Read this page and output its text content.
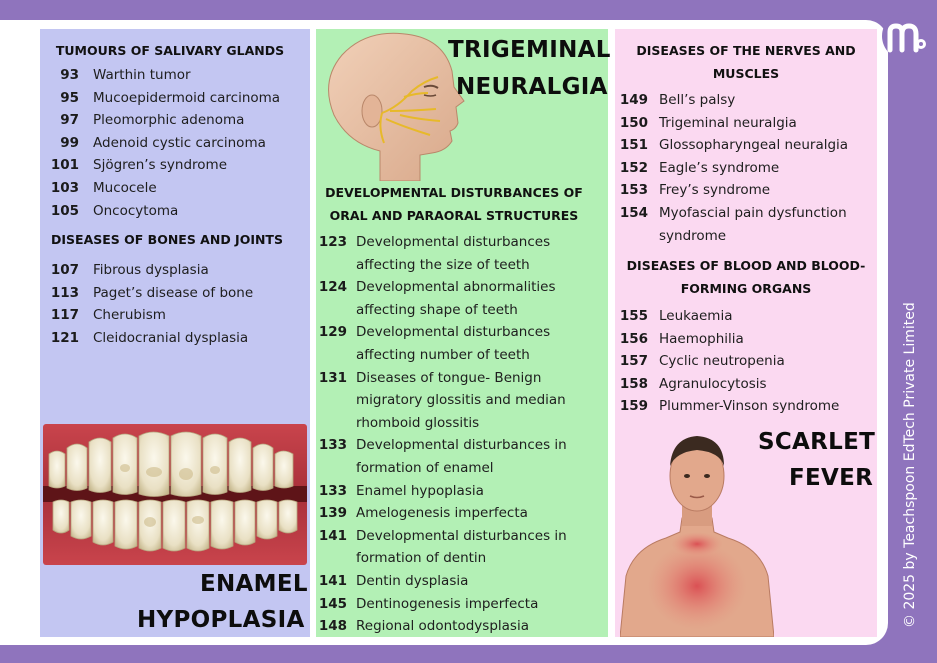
TUMOURS OF SALIVARY GLANDS
93 Warthin tumor
95 Mucoepidermoid carcinoma
97 Pleomorphic adenoma
99 Adenoid cystic carcinoma
101 Sjögren’s syndrome
103 Mucocele
105 Oncocytoma
DISEASES OF BONES AND JOINTS
107 Fibrous dysplasia
113 Paget’s disease of bone
117 Cherubism
121 Cleidocranial dysplasia
ENAMEL
HYPOPLASIA
TRIGEMINAL
NEURALGIA
DEVELOPMENTAL DISTURBANCES OF
ORAL AND PARAORAL STRUCTURES
123 Developmental disturbances
affecting the size of teeth
124 Developmental abnormalities
affecting shape of teeth
129 Developmental disturbances
affecting number of teeth
131 Diseases of tongue- Benign
migratory glossitis and median
rhomboid glossitis
133 Developmental disturbances in
formation of enamel
133 Enamel hypoplasia
139 Amelogenesis imperfecta
141 Developmental disturbances in
formation of dentin
141 Dentin dysplasia
145 Dentinogenesis imperfecta
148 Regional odontodysplasia
DISEASES OF THE NERVES AND
MUSCLES
149 Bell’s palsy
150 Trigeminal neuralgia
151 Glossopharyngeal neuralgia
152 Eagle’s syndrome
153 Frey’s syndrome
154 Myofascial pain dysfunction
syndrome
DISEASES OF BLOOD AND BLOOD-
FORMING ORGANS
155 Leukaemia
156 Haemophilia
157 Cyclic neutropenia
158 Agranulocytosis
159 Plummer-Vinson syndrome
SCARLET
FEVER © 2025 by Teachspoon EdTech Private Limited
